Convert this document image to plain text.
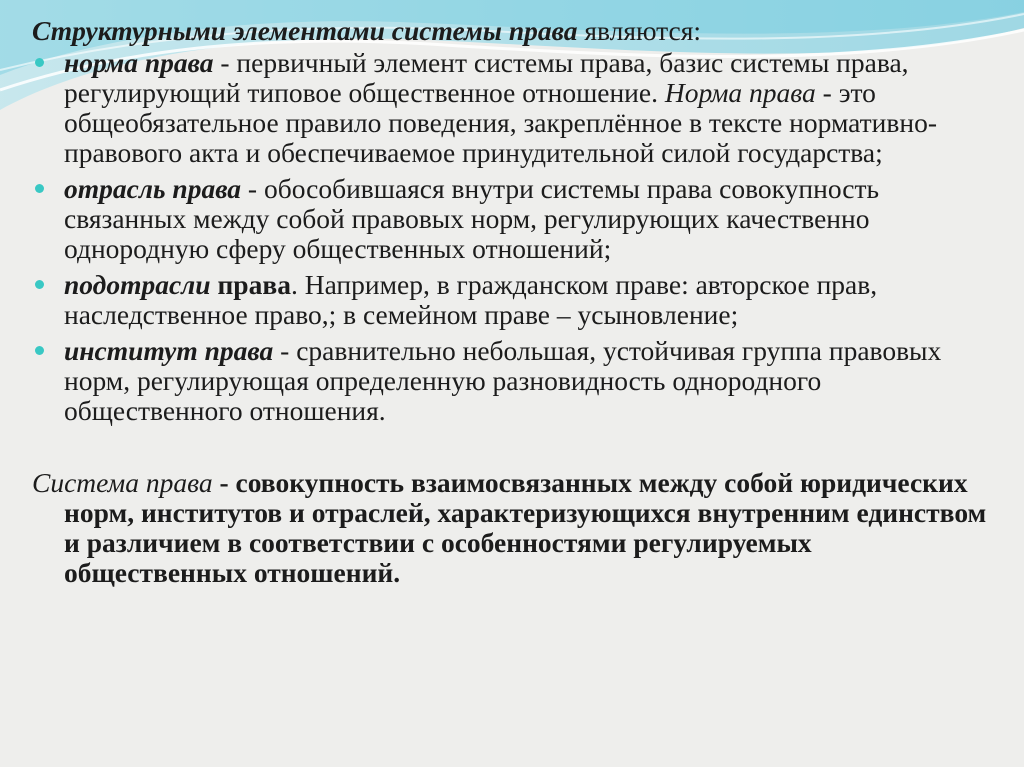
Структурными элементами системы права являются:

норма права - первичный элемент системы права, базис системы права, регулирующий типовое общественное отношение. Норма права - это общеобязательное правило поведения, закреплённое в тексте нормативно-правового акта и обеспечиваемое принудительной силой государства;
отрасль права - обособившаяся внутри системы права совокупность связанных между собой правовых норм, регулирующих качественно однородную сферу общественных отношений;
подотрасли права. Например, в гражданском праве: авторское прав, наследственное право,; в семейном праве – усыновление;
институт права - сравнительно небольшая, устойчивая группа правовых норм, регулирующая определенную разновидность однородного общественного отношения.

Система права - совокупность взаимосвязанных между собой юридических норм, институтов и отраслей, характеризующихся внутренним единством и различием в соответствии с особенностями регулируемых общественных отношений.
